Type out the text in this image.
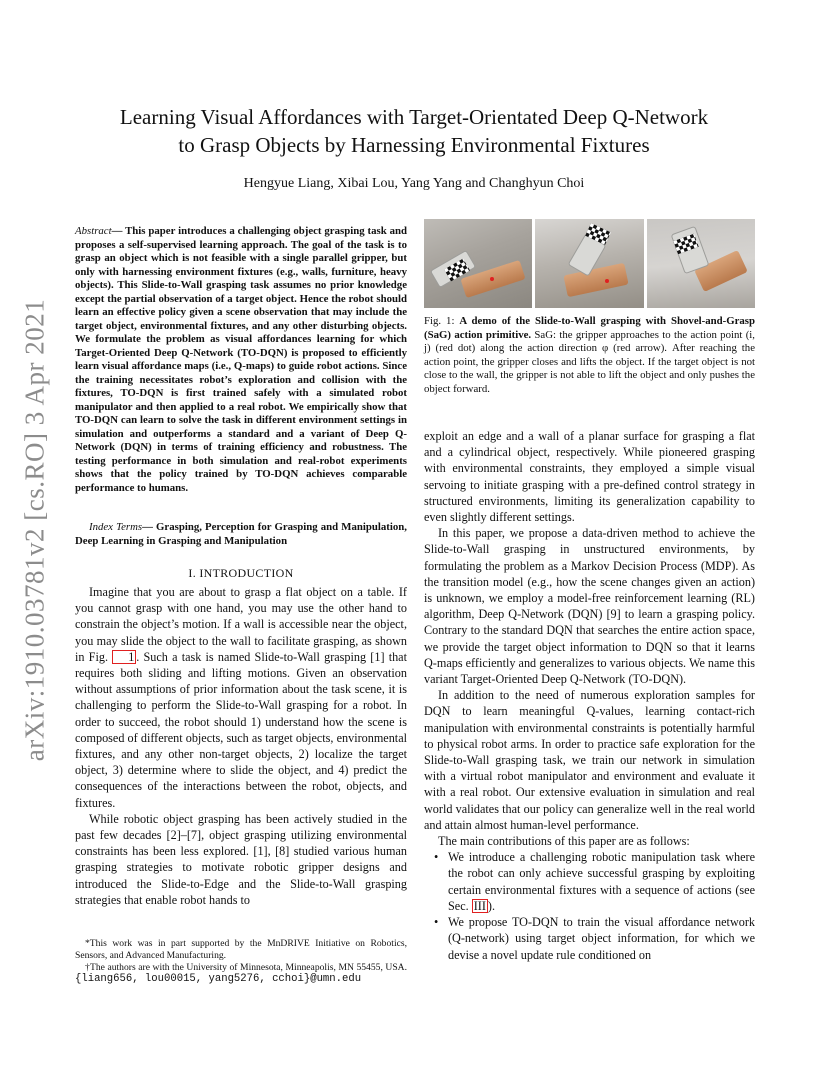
Learning Visual Affordances with Target-Orientated Deep Q-Network
to Grasp Objects by Harnessing Environmental Fixtures
Hengyue Liang, Xibai Lou, Yang Yang and Changhyun Choi
arXiv:1910.03781v2 [cs.RO] 3 Apr 2021
Abstract— This paper introduces a challenging object grasping task and proposes a self-supervised learning approach. The goal of the task is to grasp an object which is not feasible with a single parallel gripper, but only with harnessing environment fixtures (e.g., walls, furniture, heavy objects). This Slide-to-Wall grasping task assumes no prior knowledge except the partial observation of a target object. Hence the robot should learn an effective policy given a scene observation that may include the target object, environmental fixtures, and any other disturbing objects. We formulate the problem as visual affordances learning for which Target-Oriented Deep Q-Network (TO-DQN) is proposed to efficiently learn visual affordance maps (i.e., Q-maps) to guide robot actions. Since the training necessitates robot’s exploration and collision with the fixtures, TO-DQN is first trained safely with a simulated robot manipulator and then applied to a real robot. We empirically show that TO-DQN can learn to solve the task in different environment settings in simulation and outperforms a standard and a variant of Deep Q-Network (DQN) in terms of training efficiency and robustness. The testing performance in both simulation and real-robot experiments shows that the policy trained by TO-DQN achieves comparable performance to humans.
Index Terms— Grasping, Perception for Grasping and Manipulation, Deep Learning in Grasping and Manipulation
I. INTRODUCTION

Imagine that you are about to grasp a flat object on a table. If you cannot grasp with one hand, you may use the other hand to constrain the object’s motion. If a wall is accessible near the object, you may slide the object to the wall to facilitate grasping, as shown in Fig. 1 . Such a task is named Slide-to-Wall grasping [1] that requires both sliding and lifting motions. Given an observation without assumptions of prior information about the task scene, it is challenging to perform the Slide-to-Wall grasping for a robot. In order to succeed, the robot should 1) understand how the scene is composed of different objects, such as target objects, environmental fixtures, and any other non-target objects, 2) localize the target object, 3) determine where to slide the object, and 4) predict the consequences of the interactions between the robot, objects, and fixtures.

While robotic object grasping has been actively studied in the past few decades [2]–[7], object grasping utilizing environmental constraints has been less explored. [1], [8] studied various human grasping strategies to motivate robotic gripper designs and introduced the Slide-to-Edge and the Slide-to-Wall grasping strategies that enable robot hands to

*This work was in part supported by the MnDRIVE Initiative on Robotics, Sensors, and Advanced Manufacturing.

†The authors are with the University of Minnesota, Minneapolis, MN 55455, USA. {liang656, lou00015, yang5276, cchoi}@umn.edu

Fig. 1: A demo of the Slide-to-Wall grasping with Shovel-and-Grasp (SaG) action primitive. SaG: the gripper approaches to the action point (i, j) (red dot) along the action direction φ (red arrow). After reaching the action point, the gripper closes and lifts the object. If the target object is not close to the wall, the gripper is not able to lift the object and only pushes the object forward.

exploit an edge and a wall of a planar surface for grasping a flat and a cylindrical object, respectively. While pioneered grasping with environmental constraints, they employed a simple visual servoing to initiate grasping with a pre-defined control strategy in structured environments, limiting its generalization capability to even slightly different settings.

In this paper, we propose a data-driven method to achieve the Slide-to-Wall grasping in unstructured environments, by formulating the problem as a Markov Decision Process (MDP). As the transition model (e.g., how the scene changes given an action) is unknown, we employ a model-free reinforcement learning (RL) algorithm, Deep Q-Network (DQN) [9] to learn a grasping policy. Contrary to the standard DQN that searches the entire action space, we provide the target object information to DQN so that it learns Q-maps efficiently and generalizes to various objects. We name this variant Target-Oriented Deep Q-Network (TO-DQN).

In addition to the need of numerous exploration samples for DQN to learn meaningful Q-values, learning contact-rich manipulation with environmental constraints is potentially harmful to physical robot arms. In order to practice safe exploration for the Slide-to-Wall grasping task, we train our network in simulation with a virtual robot manipulator and environment and evaluate it with a real robot. Our extensive evaluation in simulation and real world validates that our policy can generalize well in the real world and attain almost human-level performance.

The main contributions of this paper are as follows:

• We introduce a challenging robotic manipulation task where the robot can only achieve successful grasping by exploiting certain environmental fixtures with a sequence of actions (see Sec. III ).
• We propose TO-DQN to train the visual affordance network (Q-network) using target object information, for which we devise a novel update rule conditioned on
